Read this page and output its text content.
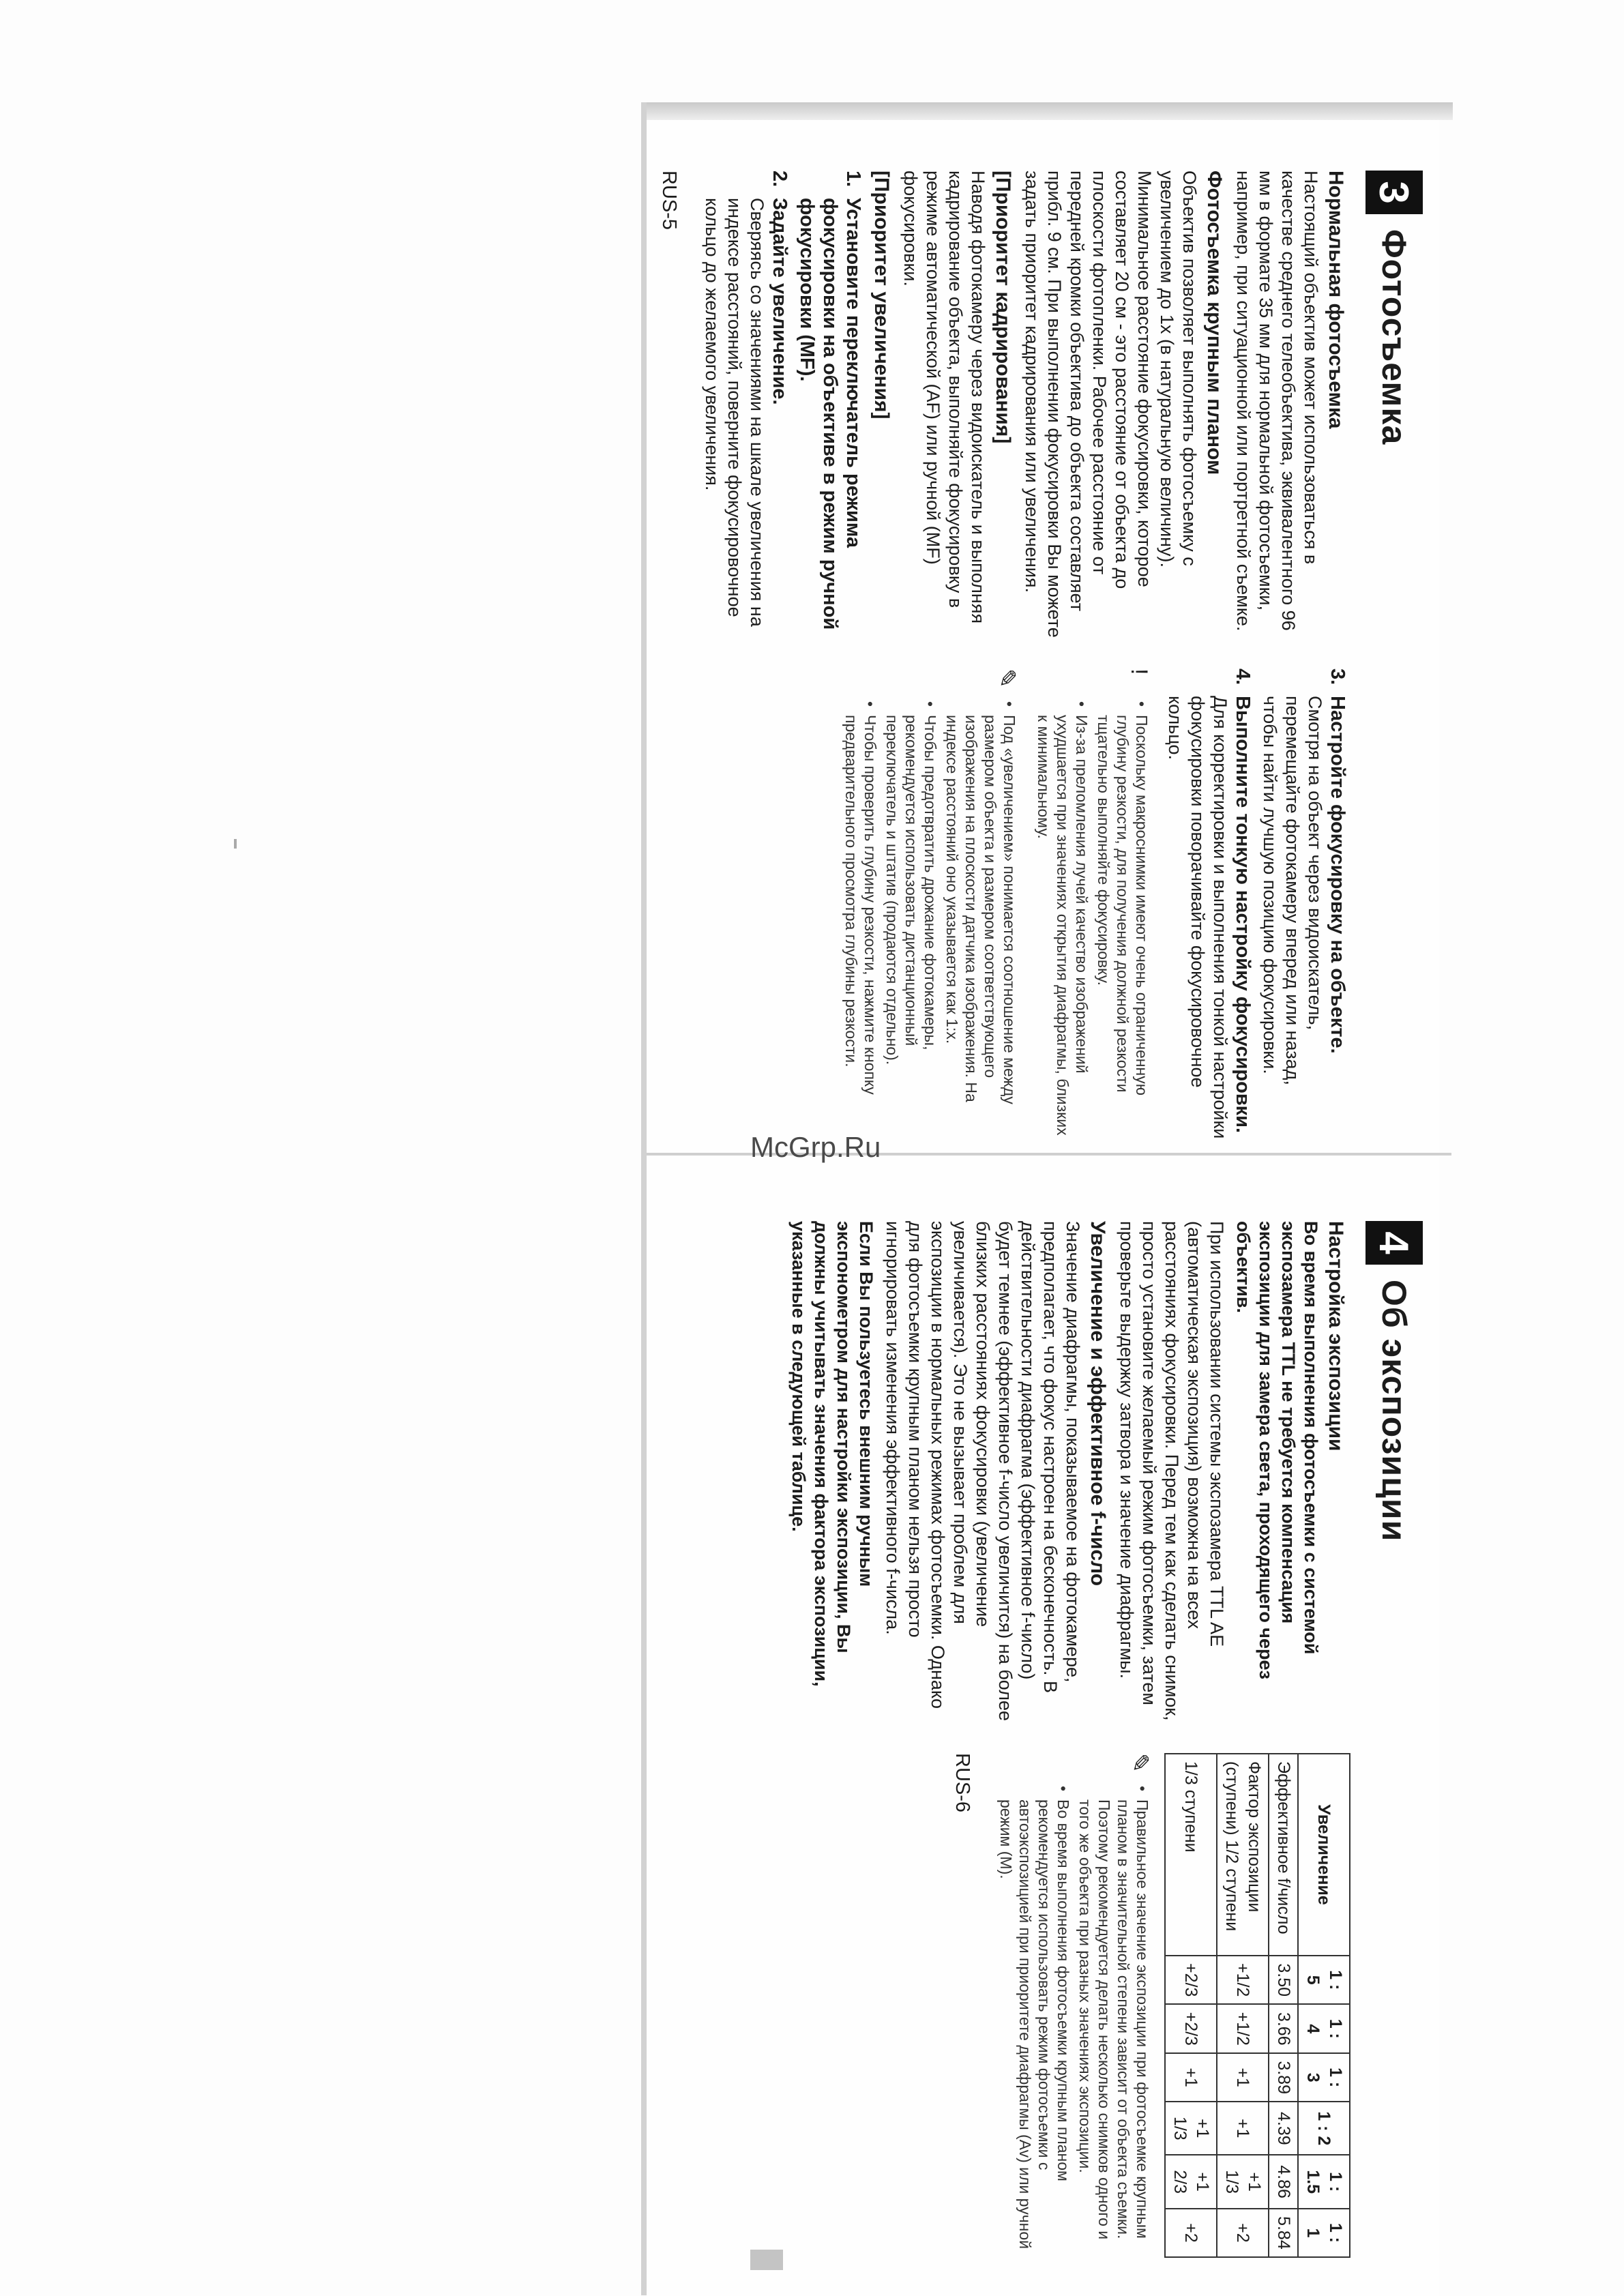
3
Фотосъемка
Нормальная фотосъемка

Настоящий объектив может использоваться в качестве среднего телеобъектива, эквивалентного 96 мм в формате 35 мм для нормальной фотосъемки, например, при ситуационной или портретной съемке.

Фотосъемка крупным планом

Объектив позволяет выполнять фотосъемку с увеличением до 1x (в натуральную величину). Минимальное расстояние фокусировки, которое составляет 20 см - это расстояние от объекта до плоскости фотопленки. Рабочее расстояние от передней кромки объектива до объекта составляет прибл. 9 см. При выполнении фокусировки Вы можете задать приоритет кадрирования или увеличения.

[Приоритет кадрирования]

Наводя фотокамеру через видоискатель и выполняя кадрирование объекта, выполняйте фокусировку в режиме автоматической (AF) или ручной (MF) фокусировки.

[Приоритет увеличения]
1.
Установите переключатель режима фокусировки на объективе в режим ручной фокусировки (MF).
2.
Задайте увеличение.
Сверяясь со значениями на шкале увеличения на индексе расстояний, поверните фокусировочное кольцо до желаемого увеличения.
RUS-5
3.
Настройте фокусировку на объекте.
Смотря на объект через видоискатель, перемещайте фотокамеру вперед или назад, чтобы найти лучшую позицию фокусировки.
4.
Выполните тонкую настройку фокусировки.
Для корректировки и выполнения тонкой настройки фокусировки поворачивайте фокусировочное кольцо.
!
• Поскольку макроснимки имеют очень ограниченную глубину резкости, для получения должной резкости тщательно выполняйте фокусировку.
• Из-за преломления лучей качество изображений ухудшается при значениях открытия диафрагмы, близких к минимальному.
✎
• Под «увеличением» понимается соотношение между размером объекта и размером соответствующего изображения на плоскости датчика изображения. На индексе расстояний оно указывается как 1:х.
• Чтобы предотвратить дрожание фотокамеры, рекомендуется использовать дистанционный переключатель и штатив (продаются отдельно).
• Чтобы проверить глубину резкости, нажмите кнопку предварительного просмотра глубины резкости.
4
Об экспозиции
Настройка экспозиции

Во время выполнения фотосъемки с системой экспозамера TTL не требуется компенсация экспозиции для замера света, проходящего через объектив.

При использовании системы экспозамера TTL AE (автоматическая экспозиция) возможна на всех расстояниях фокусировки. Перед тем как сделать снимок, просто установите желаемый режим фотосъемки, затем проверьте выдержку затвора и значение диафрагмы.

Увеличение и эффективное f-число

Значение диафрагмы, показываемое на фотокамере, предполагает, что фокус настроен на бесконечность. В действительности диафрагма (эффективное f-число) будет темнее (эффективное f-число увеличится) на более близких расстояниях фокусировки (увеличение увеличивается). Это не вызывает проблем для экспозиции в нормальных режимах фотосъемки. Однако для фотосъемки крупным планом нельзя просто игнорировать изменения эффективного f-числа.

Если Вы пользуетесь внешним ручным экспонометром для настройки экспозиции, Вы должны учитывать значения фактора экспозиции, указанные в следующей таблице.

Увеличение	1 : 5	1 : 4	1 : 3	1 : 2	1 : 1.5	1 : 1
Эффективное f/число	3.50	3.66	3.89	4.39	4.86	5.84
Фактор экспозиции (ступени) 1/2 ступени	+1/2	+1/2	+1	+1	+1 1/3	+2
1/3 ступени	+2/3	+2/3	+1	+1 1/3	+1 2/3	+2
✎
• Правильное значение экспозиции при фотосъемке крупным планом в значительной степени зависит от объекта съемки. Поэтому рекомендуется делать несколько снимков одного и того же объекта при разных значениях экспозиции.
• Во время выполнения фотосъемки крупным планом рекомендуется использовать режим фотосъемки с автоэкспозицией при приоритете диафрагмы (Av) или ручной режим (M).
RUS-6
McGrp.Ru
